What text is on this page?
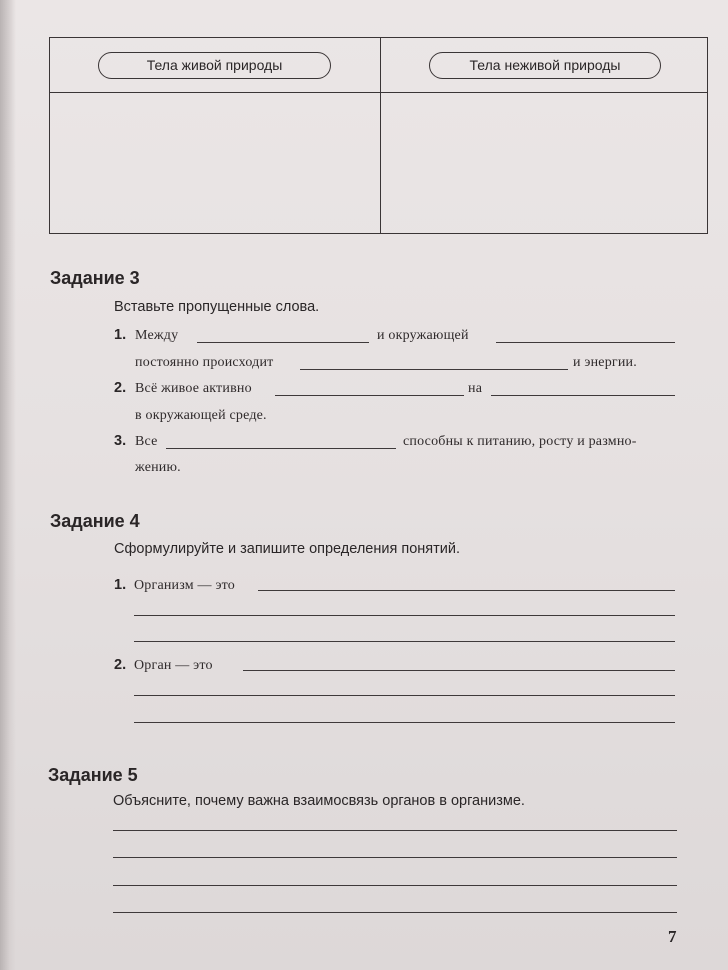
Тела живой природы	Тела неживой природы
Задание 3
Вставьте пропущенные слова.
1. Между	и окружающей
постоянно происходит	и энергии.
2. Всё живое активно	на
в окружающей среде.
3. Все	способны к питанию, росту и размно-
жению.
Задание 4
Сформулируйте и запишите определения понятий.
1. Организм — это
2. Орган — это
Задание 5
Объясните, почему важна взаимосвязь органов в организме.
7
